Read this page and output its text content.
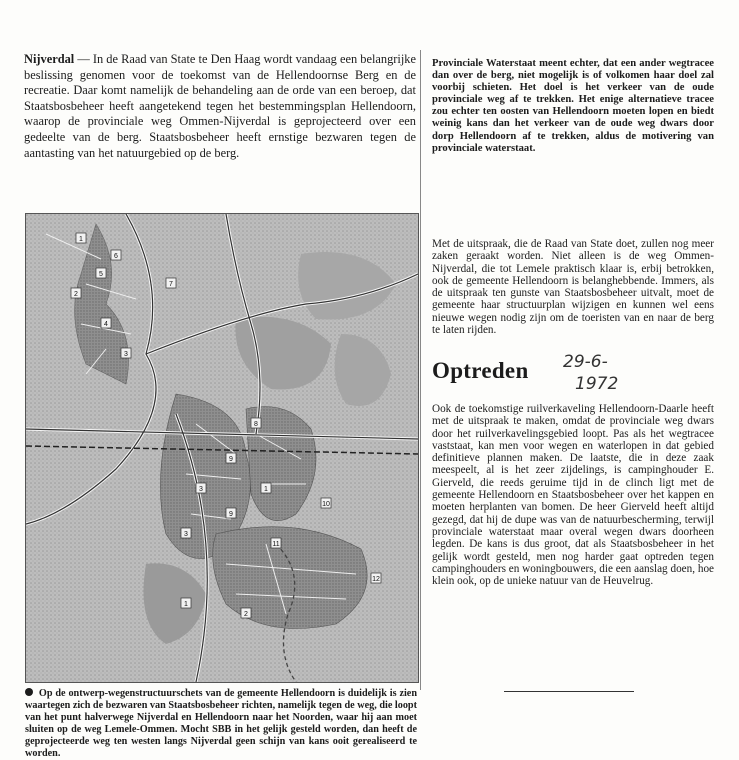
Nijverdal — In de Raad van State te Den Haag wordt vandaag een belangrijke beslissing genomen voor de toekomst van de Hellendoornse Berg en de recreatie. Daar komt namelijk de behandeling aan de orde van een beroep, dat Staatsbosbeheer heeft aangetekend tegen het bestemmingsplan Hellendoorn, waarop de provinciale weg Ommen-Nijverdal is geprojecteerd over een gedeelte van de berg. Staatsbosbeheer heeft ernstige bezwaren tegen de aantasting van het natuurgebied op de berg.
Provinciale Waterstaat meent echter, dat een ander wegtracee dan over de berg, niet mogelijk is of volkomen haar doel zal voorbij schieten. Het doel is het verkeer van de oude provinciale weg af te trekken. Het enige alternatieve tracee zou echter ten oosten van Hellendoorn moeten lopen en biedt weinig kans dan het verkeer van de oude weg dwars door dorp Hellendoorn af te trekken, aldus de motivering van provinciale waterstaat.
Met de uitspraak, die de Raad van State doet, zullen nog meer zaken geraakt worden. Niet alleen is de weg Ommen-Nijverdal, die tot Lemele praktisch klaar is, erbij betrokken, ook de gemeente Hellendoorn is belanghebbende. Immers, als de uitspraak ten gunste van Staatsbosbeheer uitvalt, moet de gemeente haar structuurplan wijzigen en kunnen wel eens nieuwe wegen nodig zijn om de toeristen van en naar de berg te laten rijden.
Optreden 29-6-
1972
Ook de toekomstige ruilverkaveling Hellendoorn-Daarle heeft met de uitspraak te maken, omdat de provinciale weg dwars door het ruilverkavelingsgebied loopt. Pas als het wegtracee vaststaat, kan men voor wegen en waterlopen in dat gebied definitieve plannen maken. De laatste, die in deze zaak meespeelt, al is het zeer zijdelings, is campinghouder E. Gierveld, die reeds geruime tijd in de clinch ligt met de gemeente Hellendoorn en Staatsbosbeheer over het kappen en moeten herplanten van bomen. De heer Gierveld heeft altijd gezegd, dat hij de dupe was van de natuurbescherming, terwijl provinciale waterstaat maar overal wegen dwars doorheen legden. De kans is dus groot, dat als Staatsbosbeheer in het gelijk wordt gesteld, men nog harder gaat optreden tegen campinghouders en woningbouwers, die een aanslag doen, hoe klein ook, op de unieke natuur van de Heuvelrug.
1
6
5
2
4
7
3
8
9
3	1
9
3
10
11
12
1
2
Op de ontwerp-wegenstructuurschets van de gemeente Hellendoorn is duidelijk is zien waartegen zich de bezwaren van Staatsbosbeheer richten, namelijk tegen de weg, die loopt van het punt halverwege Nijverdal en Hellendoorn naar het Noorden, waar hij aan moet sluiten op de weg Lemele-Ommen. Mocht SBB in het gelijk gesteld worden, dan heeft de geprojecteerde weg ten westen langs Nijverdal geen schijn van kans ooit gerealiseerd te worden.
